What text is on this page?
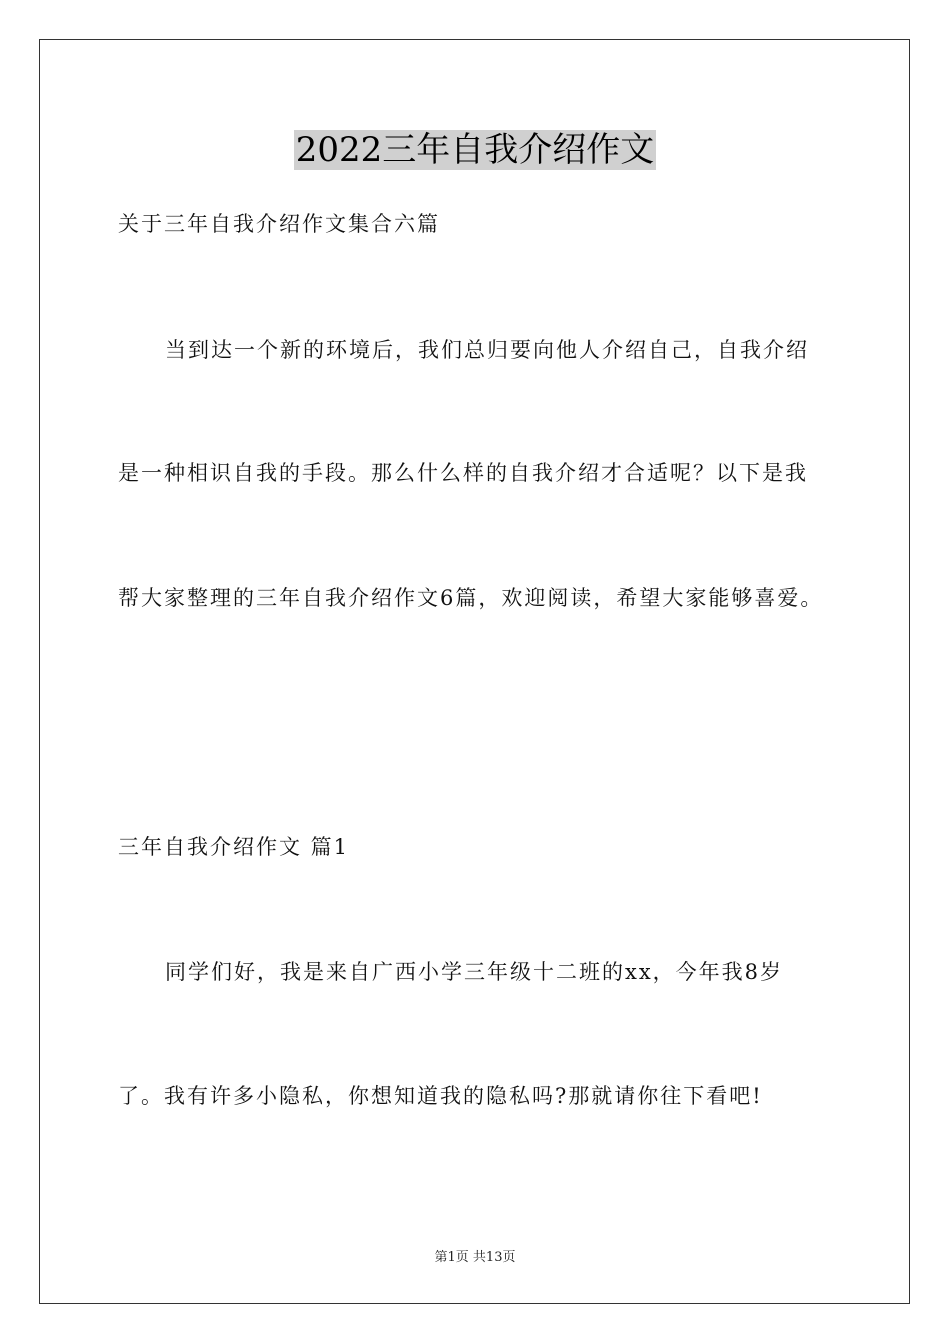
2022三年自我介绍作文

关于三年自我介绍作文集合六篇

当到达一个新的环境后，我们总归要向他人介绍自己，自我介绍

是一种相识自我的手段。那么什么样的自我介绍才合适呢？以下是我

帮大家整理的三年自我介绍作文6篇，欢迎阅读，希望大家能够喜爱。

三年自我介绍作文 篇1

同学们好，我是来自广西小学三年级十二班的xx，今年我8岁

了。我有许多小隐私，你想知道我的隐私吗?那就请你往下看吧!

第1页 共13页
